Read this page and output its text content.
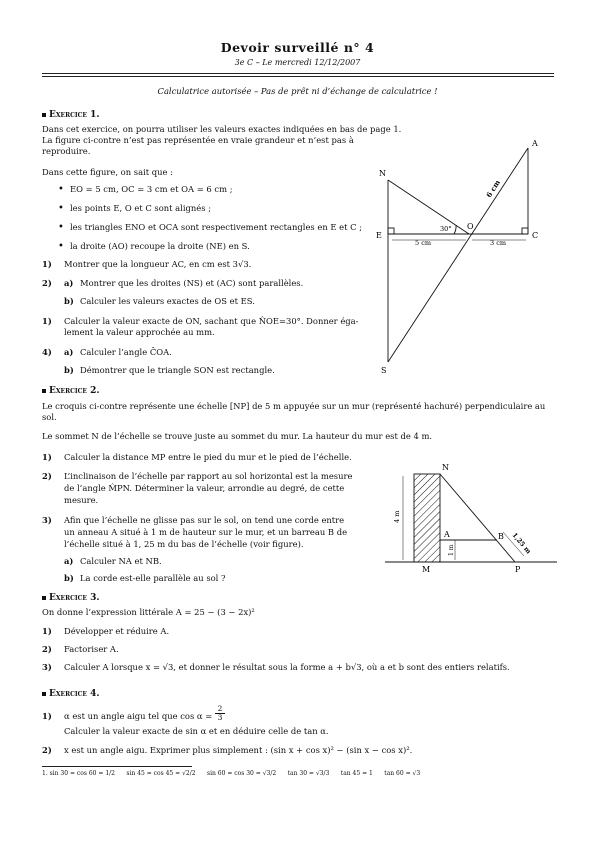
Devoir surveillé n° 4
3e C – Le mercredi 12/12/2007
Calculatrice autorisée – Pas de prêt ni d’échange de calculatrice !
Exercice 1.
Dans cet exercice, on pourra utiliser les valeurs exactes indiquées en bas de page 1.
La figure ci-contre n’est pas représentée en vraie grandeur et n’est pas à
reproduire.
Dans cette figure, on sait que :
• EO = 5 cm, OC = 3 cm et OA = 6 cm ;
• les points E, O et C sont alignés ;
• les triangles ENO et OCA sont respectivement rectangles en E et C ;
• la droite (AO) recoupe la droite (NE) en S.
1) Montrer que la longueur AC, en cm est 3√3.
2) a) Montrer que les droites (NS) et (AC) sont parallèles.
b) Calculer les valeurs exactes de OS et ES.
1) Calculer la valeur exacte de ON, sachant que N̂OE=30°. Donner éga-
lement la valeur approchée au mm.
4) a) Calculer l’angle ĈOA.
b) Démontrer que le triangle SON est rectangle.
N
A
E
O
C
S
5 cm	3 cm
30°
6 cm
Exercice 2.
Le croquis ci-contre représente une échelle [NP] de 5 m appuyée sur un mur (représenté hachuré) perpendiculaire au
sol.
Le sommet N de l’échelle se trouve juste au sommet du mur. La hauteur du mur est de 4 m.
1) Calculer la distance MP entre le pied du mur et le pied de l’échelle.
2) L’inclinaison de l’échelle par rapport au sol horizontal est la mesure
de l’angle M̂PN. Déterminer la valeur, arrondie au degré, de cette
mesure.
3) Afin que l’échelle ne glisse pas sur le sol, on tend une corde entre
un anneau A situé à 1 m de hauteur sur le mur, et un barreau B de
l’échelle situé à 1, 25 m du bas de l’échelle (voir figure).
a) Calculer NA et NB.
b) La corde est-elle parallèle au sol ?
N
A	B
M	P
4 m
1 m	1,25 m
Exercice 3.
On donne l’expression littérale A = 25 − (3 − 2x)²
1) Développer et réduire A.
2) Factoriser A.
3) Calculer A lorsque x = √3, et donner le résultat sous la forme a + b√3, où a et b sont des entiers relatifs.
Exercice 4.
1) α est un angle aigu tel que $\cos \alpha = \frac{2}{3}$
Calculer la valeur exacte de sin α et en déduire celle de tan α.
2) x est un angle aigu. Exprimer plus simplement : (sin x + cos x)² − (sin x − cos x)².
1. sin 30 = cos 60 = 1/2      sin 45 = cos 45 = √2/2      sin 60 = cos 30 = √3/2      tan 30 = √3/3      tan 45 = 1      tan 60 = √3
